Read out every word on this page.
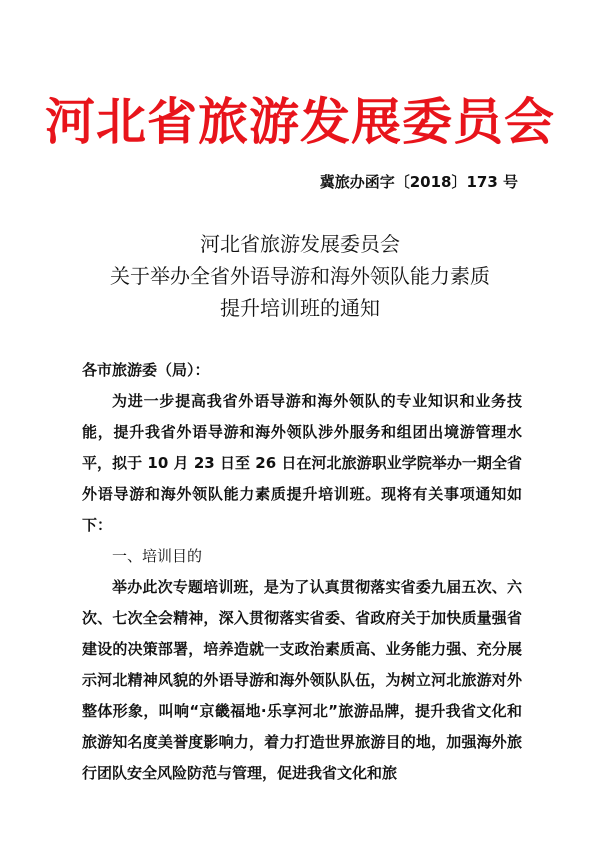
河北省旅游发展委员会
冀旅办函字〔2018〕173 号
河北省旅游发展委员会
关于举办全省外语导游和海外领队能力素质
提升培训班的通知
各市旅游委（局）：
为进一步提高我省外语导游和海外领队的专业知识和业务技能，提升我省外语导游和海外领队涉外服务和组团出境游管理水平，拟于 10 月 23 日至 26 日在河北旅游职业学院举办一期全省外语导游和海外领队能力素质提升培训班。现将有关事项通知如下：
一、培训目的
举办此次专题培训班，是为了认真贯彻落实省委九届五次、六次、七次全会精神，深入贯彻落实省委、省政府关于加快质量强省建设的决策部署，培养造就一支政治素质高、业务能力强、充分展示河北精神风貌的外语导游和海外领队队伍，为树立河北旅游对外整体形象，叫响“京畿福地·乐享河北”旅游品牌，提升我省文化和旅游知名度美誉度影响力，着力打造世界旅游目的地，加强海外旅行团队安全风险防范与管理，促进我省文化和旅
